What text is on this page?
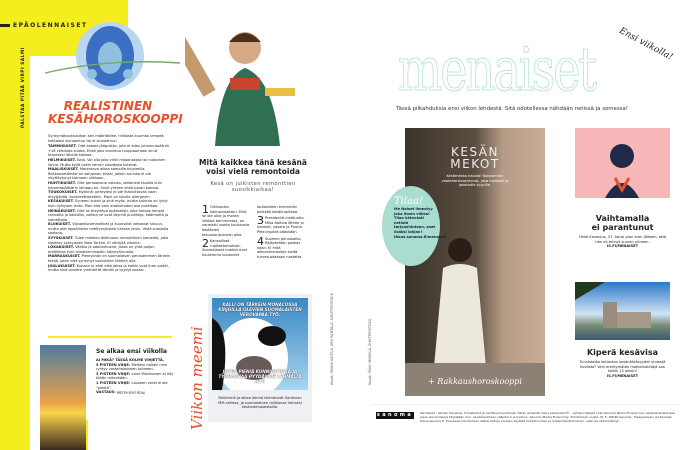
EPÄOLENNAISET
PALSTAA PITÄÄ VIRPI SALMI	REALISTINEN
KESÄHOROSKOOPPI

Syntymäkuukausihan sen määrittelee, millaista kuumaa lempeä kohtalosi siunaantuu tai ei siunaannu!

TAMMIKUISET. Olet katsea jääpuikko, jota ei edes juhannussää eli +16 celsiusta sulata. Ehkä joku onnistuu tuuppaamaan sinut tarpeeksi lähelle kokkoa.

HELMIKUISET. Kala. Voi olla joko viriili mijoonakala tai ruotoinen lahna. Mutta kyllä nekin kerran vuodessa kutevat.

MAALISKUISET. Marentava aikaa samoilla kirjaimilla. Rakkausetämäsi on sohjoinen tiistai, jolloin aurinko ei ole näyttäytynyt kolmeen viikkoon.

HUHTIKUISET. Olet persoonana valoisa, sellainela tavalla kuin hammaslääkärin lamppu on. Sovit yhteen ehkä paran kanssa.

TOUKOKUISET. Myönnä: pirteytesi ei ole ihastuttavaa vaan ärsyttävää, konkreettisestikin. Moni on sinulle allerginen.

KESÄKUISET. Syneeni kukkii ja sinä myös, mutta kukinta on lyhyt kuin hyttysen lento. Pian olet vain erottumaton osa puskikoa.

HEINÄKUISET. Olet se ärsyttävä epärealisti, joka haluaa lempiä rannoilla ja kallioilla, vaikka ne ovat täynnä punkkeja, käärmeitä ja somettajia.

ELOKUISET. Viljapelloromantiikat ja kuunsillat vetoavat sinuun, mutta olet lapsellisten mieltymyksiesi kanssa yksin. Vedä suosiolla soolona.

SYYSKUISET. Tulee mieleen ällöhuono romanttinen komedia, joka sijoittuu syksyiseen New Yorkiin. Ei väräytä viisaria.

LOKAKUISET. Välitila ja odotushuone, jossa on yhtä paljon erotiikkaa kuin lainatermiinaalin käyvtyhinnalla.

MARRASKUISET. Pimeyshän on suomalaisen perusiemmen tärkein tekijä, joten olet syntynyt suotuisten tähtien alla.

JOULUKUISET. Kukaan ei ehdi eikä jaksa ja kaikki ovat ihan poikki, mutta sinä onneksi ymmärrät tämän ja tyydyt osaasi.

Se alkaa ensi viikolla
AI MIKÄ? TÄSSÄ KOLME VIHJETTÄ.

5 PISTEEN VIHJE: Melkein naisen nimi ryhtyy vastahakoiseen toimeen.

3 PISTEEN VIHJE: Lauri Markkanen ei liity tähän mitenkään.

1 PISTEEN VIHJE: Lauseen verbi ei ole "pidetä".

VASTAUS: Pidä sinä kesää
Mitä kaikkea tänä kesänä
voisi vielä remontoida
Kesä on julkisten remonttien suosikkiaikaa!

1 Olkiluodon kolmosreaktori. Eikö se ole ollut jo monta viikkoa toiminnassa, on varmasti useita kuukausia kestävien takuukorjauksien aika.

2 Kansalliset rupikattomukset. Suomalaiset miehet ovat kuulemma toivoneet lautasilleen enemmän pelkkää kesäkurpitsaa.

3 Presidentti-instituutio. Mika Aaltola lähtee jo haalarit, vasara ja Puuha-Pete-kypärä päässään.

4 Suomen peruskallio. Räjäytetään paskax vaan. Ei mitä akkuminerasleja sieltä turvesuotakaan nostetta.

Viikon meemi
KALLI ON TÄRKEIN MONACOSSA KIRJOILLA OLEVIEN SUOMALAISTEN VEROVAPAA TYÖ.
JOTEN PIENIÄ KUNNIOITUSTA JA TYÖRAUHAA PYYDÄMME LEHMÄLTÄ NYT.
Pelilehmä ja aikea lehmä törmäsivät Sardinian MM-rallissa, ja suomalainen rallikansa riehaksi keskustelupalstoilla.
Kuvat: RIIKKA KAITILA, IIRO RANTALA, SHUTTERSTOCK
menaiset Ensi viikolla!
Tässä pilkahduksia ensi viikon lehdestä. Sitä odotellessa nähdään netissä ja somessa!
KESÄN
MEKOT
Kesämekko hausta! Kokosimme vaatehankaosimmat, joka meikaisi ja jokaiselle tyypille.
+ Rakkaushoroskooppi
Tilaa!
Me Naiset ilmestyy joka ilmen viikko! Tilaa kätevästi netistä tarjoushintaan, saat lisäksi lahjan! tilaus.sanoma.fi/menaiset
Vaihtamalla
ei parantunut
Heidi Kavonius, 37, tajusi pian eron jälkeen, että hän oli tehnyt suuren virheen.
IS.FI/MENAISET
Kiperä kesävisa
Tunnistatko kotimaan kesänähtävyydet yhdestä kuvasta? Vain erehtymätön matkailutietäjä saa kaikki 12 oikein!
IS.FI/MENAISET
Kuvat: PÄIVI HEIKKILÄ, SHUTTERSTOCK
sanoma Me Naiset - lehden tilaukset, hinnatiedot ja osoitteenmuutokset: Katso lehdestä oleva palvelukortti. - Lehden tilaajat ovat Sanoma Media Finland Oy:n asiakasrekisterissä, jossa olevia tietoja käytetään mm. asiakassuhteen ylläpitoon ja hoitoon. Sanoma Media Finland Oy, Toimituksen osoite: PL 5, 00040 Sanoma. Tilaajapalvelu ja tilaukset: tilaus.sanoma.fi. Tilauksesi toimituksen lisäksi tietoja voidaan käyttää markkinointiin ja mielipidetutkimuksiin, ellet ole sitä kieltänyt.
